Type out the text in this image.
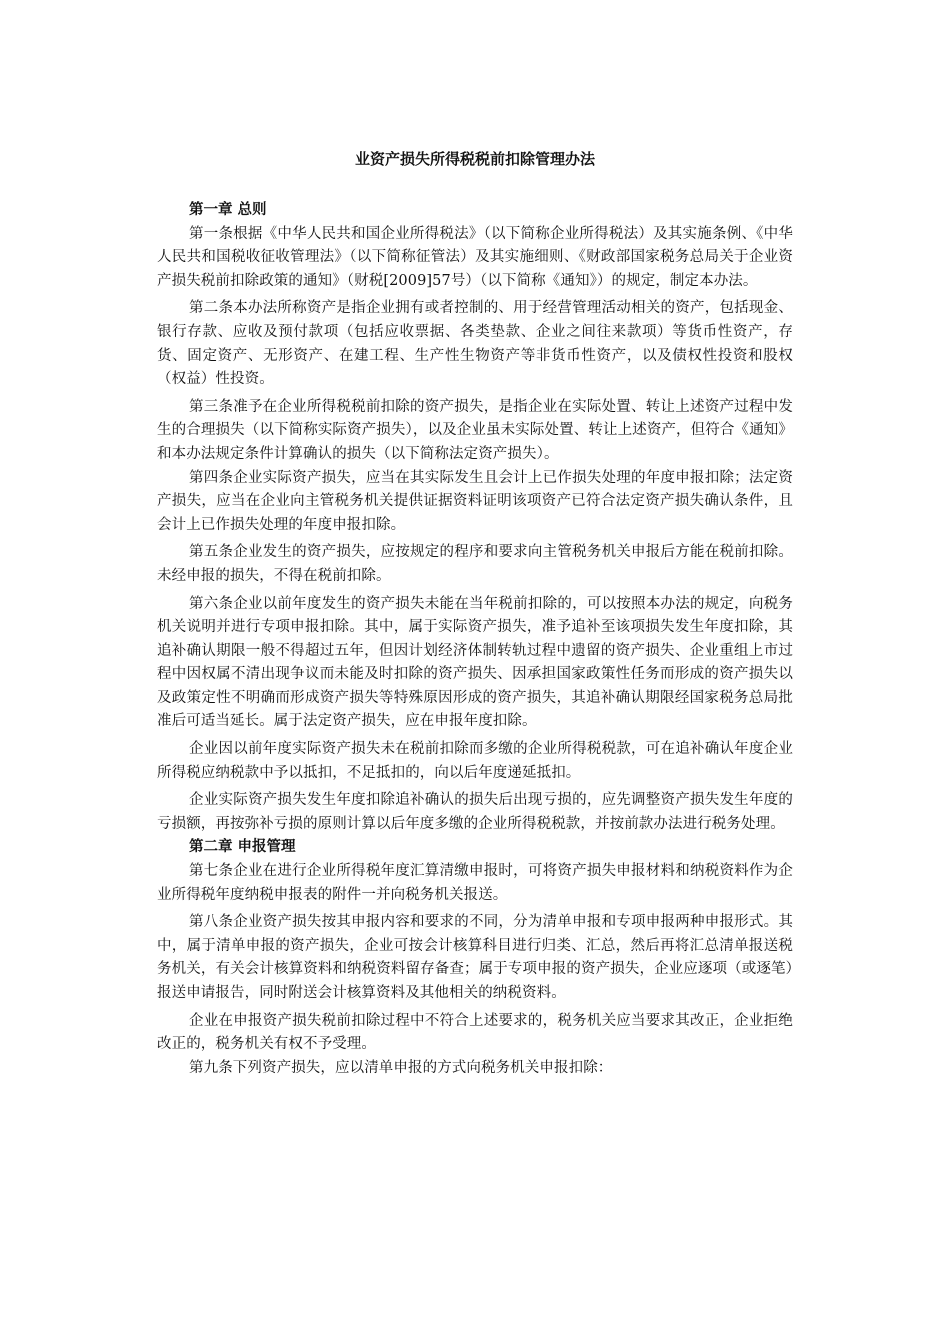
业资产损失所得税税前扣除管理办法

第一章 总则

第一条根据《中华人民共和国企业所得税法》（以下简称企业所得税法）及其实施条例、《中华人民共和国税收征收管理法》（以下简称征管法）及其实施细则、《财政部国家税务总局关于企业资产损失税前扣除政策的通知》（财税[2009]57号）（以下简称《通知》）的规定，制定本办法。

第二条本办法所称资产是指企业拥有或者控制的、用于经营管理活动相关的资产，包括现金、银行存款、应收及预付款项（包括应收票据、各类垫款、企业之间往来款项）等货币性资产，存货、固定资产、无形资产、在建工程、生产性生物资产等非货币性资产，以及债权性投资和股权（权益）性投资。

第三条准予在企业所得税税前扣除的资产损失，是指企业在实际处置、转让上述资产过程中发生的合理损失（以下简称实际资产损失），以及企业虽未实际处置、转让上述资产，但符合《通知》和本办法规定条件计算确认的损失（以下简称法定资产损失）。

第四条企业实际资产损失，应当在其实际发生且会计上已作损失处理的年度申报扣除；法定资产损失，应当在企业向主管税务机关提供证据资料证明该项资产已符合法定资产损失确认条件，且会计上已作损失处理的年度申报扣除。

第五条企业发生的资产损失，应按规定的程序和要求向主管税务机关申报后方能在税前扣除。未经申报的损失，不得在税前扣除。

第六条企业以前年度发生的资产损失未能在当年税前扣除的，可以按照本办法的规定，向税务机关说明并进行专项申报扣除。其中，属于实际资产损失，准予追补至该项损失发生年度扣除，其追补确认期限一般不得超过五年，但因计划经济体制转轨过程中遗留的资产损失、企业重组上市过程中因权属不清出现争议而未能及时扣除的资产损失、因承担国家政策性任务而形成的资产损失以及政策定性不明确而形成资产损失等特殊原因形成的资产损失，其追补确认期限经国家税务总局批准后可适当延长。属于法定资产损失，应在申报年度扣除。

企业因以前年度实际资产损失未在税前扣除而多缴的企业所得税税款，可在追补确认年度企业所得税应纳税款中予以抵扣，不足抵扣的，向以后年度递延抵扣。

企业实际资产损失发生年度扣除追补确认的损失后出现亏损的，应先调整资产损失发生年度的亏损额，再按弥补亏损的原则计算以后年度多缴的企业所得税税款，并按前款办法进行税务处理。

第二章 申报管理

第七条企业在进行企业所得税年度汇算清缴申报时，可将资产损失申报材料和纳税资料作为企业所得税年度纳税申报表的附件一并向税务机关报送。

第八条企业资产损失按其申报内容和要求的不同，分为清单申报和专项申报两种申报形式。其中，属于清单申报的资产损失，企业可按会计核算科目进行归类、汇总，然后再将汇总清单报送税务机关，有关会计核算资料和纳税资料留存备查；属于专项申报的资产损失，企业应逐项（或逐笔）报送申请报告，同时附送会计核算资料及其他相关的纳税资料。

企业在申报资产损失税前扣除过程中不符合上述要求的，税务机关应当要求其改正，企业拒绝改正的，税务机关有权不予受理。

第九条下列资产损失，应以清单申报的方式向税务机关申报扣除：
